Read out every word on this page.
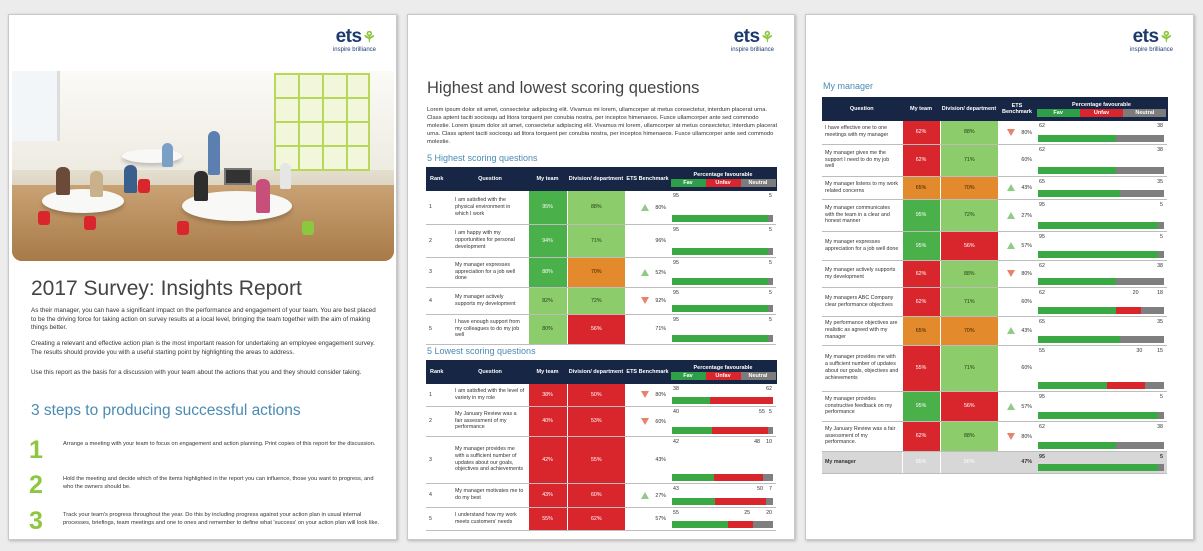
ets⚘
inspire brilliance
2017 Survey: Insights Report

As their manager, you can have a significant impact on the performance and engagement of your team. You are best placed to be the driving force for taking action on survey results at a local level, bringing the team together with the aim of making things better.

Creating a relevant and effective action plan is the most important reason for undertaking an employee engagement survey. The results should provide you with a useful starting point by highlighting the areas to address.

Use this report as the basis for a discussion with your team about the actions that you and they should consider taking.

3 steps to producing successful actions
1	Arrange a meeting with your team to focus on engagement and action planning. Print copies of this report for the discussion.
2	Hold the meeting and decide which of the items highlighted in the report you can influence, those you want to progress, and who the owners should be.
3	Track your team's progress throughout the year. Do this by including progress against your action plan in usual internal processes, briefings, team meetings and one to ones and remember to define what 'success' on your action plan will look like.
ets⚘
inspire brilliance
Highest and lowest scoring questions

Lorem ipsum dolor sit amet, consectetur adipiscing elit. Vivamus mi lorem, ullamcorper at metus consectetur, interdum placerat urna. Class aptent taciti sociosqu ad litora torquent per conubia nostra, per inceptos himenaeos. Fusce ullamcorper ante sed commodo molestie. Lorem ipsum dolor sit amet, consectetur adipiscing elit. Vivamus mi lorem, ullamcorper at metus consectetur, interdum placerat urna. Class aptent taciti sociosqu ad litora torquent per conubia nostra, per inceptos himenaeos. Fusce ullamcorper ante sed commodo molestie.

5 Highest scoring questions
Rank	Question	My team	Division/ department	ETS Benchmark	Percentage favourable
Fav Unfav Neutral

1	I am satisfied with the physical environment in which I work	95%	88%	80%	95 5

2	I am happy with my opportunities for personal development	94%	71%	96%	95 5

3	My manager expresses appreciation for a job well done	88%	70%	52%	95 5

4	My manager actively supports my development	82%	72%	92%	95 5

5	I have enough support from my colleagues to do my job well	80%	56%	71%	95 5
5 Lowest scoring questions
Rank	Question	My team	Division/ department	ETS Benchmark	Percentage favourable
Fav Unfav Neutral

1	I am satisfied with the level of variety in my role	38%	50%	80%	38 62

2	My January Review was a fair assessment of my performance	40%	53%	60%	40 55 5

3	My manager provides me with a sufficient number of updates about our goals, objectives and achievements	42%	55%	43%	42 48 10

4	My manager motivates me to do my best	43%	60%	27%	43 50 7

5	I understand how my work meets customers' needs	55%	62%	57%	55 25 20
ets⚘
inspire brilliance
My manager
Question	My team	Division/ department	ETS Benchmark	Percentage favourable
Fav Unfav Neutral

I have effective one to one meetings with my manager	62%	88%	80%	62 38

My manager gives me the support I need to do my job well	62%	71%	60%	62 38

My manager listens to my work related concerns	65%	70%	43%	65 35

My manager communicates with the team in a clear and honest manner	95%	72%	27%	95 5

My manager expresses appreciation for a job well done	95%	56%	57%	95 5

My manager actively supports my development	62%	88%	80%	62 38

My managers ABC Company clear performance objectives	62%	71%	60%	62 20 18

My performance objectives are realistic as agreed with my manager	65%	70%	43%	65 35

My manager provides me with a sufficient number of updates about our goals, objectives and achievements	55%	71%	60%	55 30 15

My manager provides constructive feedback on my performance	95%	56%	57%	95 5

My January Review was a fair assessment of my performance.	62%	88%	80%	62 38

My manager	95%	56%	47%	95 5
